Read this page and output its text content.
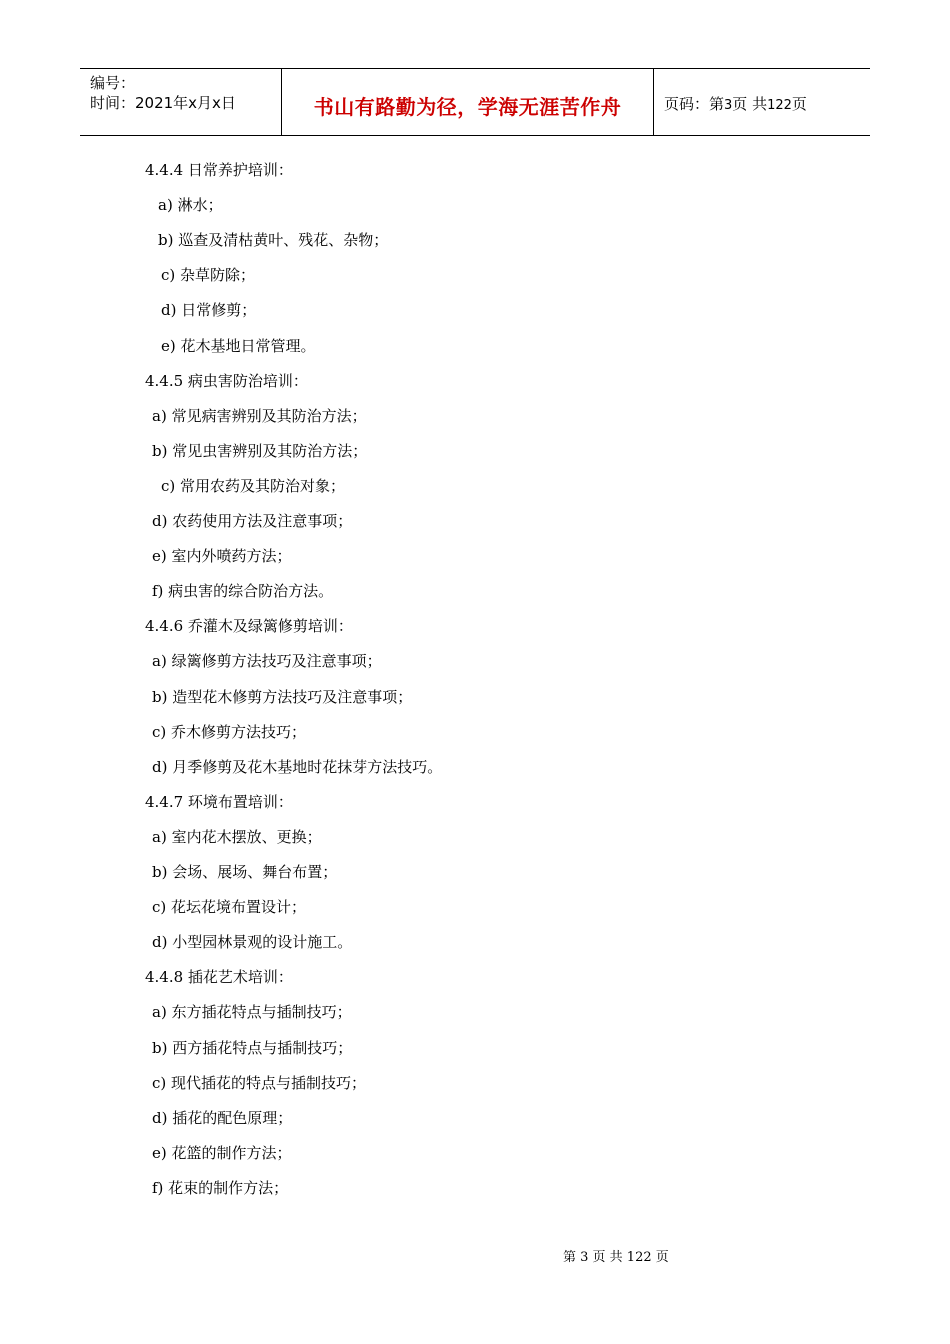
编号：
时间：2021年x月x日	书山有路勤为径，学海无涯苦作舟	页码：第3页 共122页
4.4.4 日常养护培训：
a) 淋水；
b) 巡查及清枯黄叶、残花、杂物；
c) 杂草防除；
d) 日常修剪；
e) 花木基地日常管理。
4.4.5 病虫害防治培训：
a) 常见病害辨别及其防治方法；
b) 常见虫害辨别及其防治方法；
c) 常用农药及其防治对象；
d) 农药使用方法及注意事项；
e) 室内外喷药方法；
f) 病虫害的综合防治方法。
4.4.6 乔灌木及绿篱修剪培训：
a) 绿篱修剪方法技巧及注意事项；
b) 造型花木修剪方法技巧及注意事项；
c) 乔木修剪方法技巧；
d) 月季修剪及花木基地时花抹芽方法技巧。
4.4.7 环境布置培训：
a) 室内花木摆放、更换；
b) 会场、展场、舞台布置；
c) 花坛花境布置设计；
d) 小型园林景观的设计施工。
4.4.8 插花艺术培训：
a) 东方插花特点与插制技巧；
b) 西方插花特点与插制技巧；
c) 现代插花的特点与插制技巧；
d) 插花的配色原理；
e) 花篮的制作方法；
f) 花束的制作方法；
第 3 页 共 122 页
